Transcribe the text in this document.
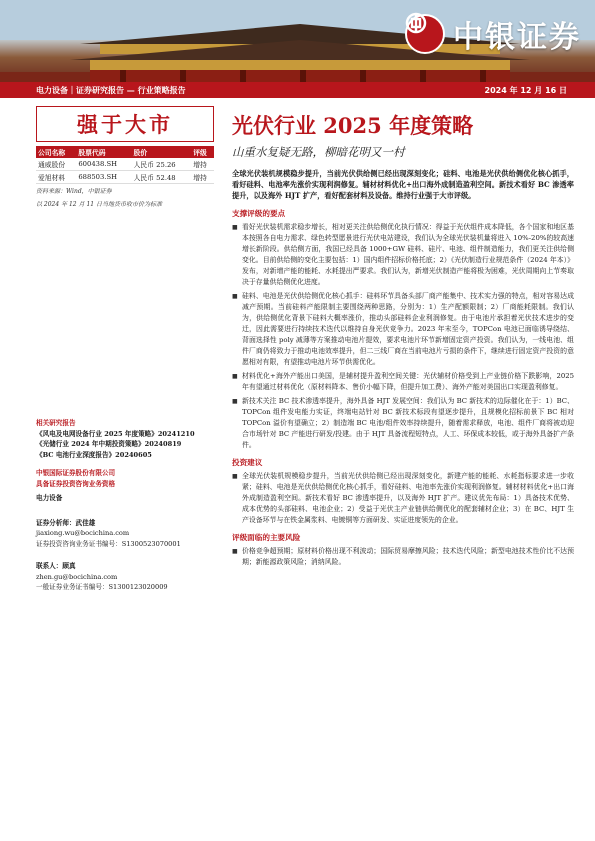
中银证券
电力设备｜证券研究报告 — 行业策略报告	2024 年 12 月 16 日
强于大市
公司名称	股票代码	股价	评级
通威股份	600438.SH	人民币 25.26	增持
爱旭材料	688503.SH	人民币 52.48	增持
资料来源：Wind，中银证券
以 2024 年 12 月 11 日当地货币收市价为标准
相关研究报告
《风电及电网设备行业 2025 年度策略》20241210
《光储行业 2024 年中期投资策略》20240819
《BC 电池行业深度报告》20240605
中银国际证券股份有限公司
具备证券投资咨询业务资格
电力设备
证券分析师：武佳雄
jiaxiong.wu@bocichina.com
证券投资咨询业务证书编号：S1300523070001
联系人：顾真
zhen.gu@bocichina.com
一般证券业务证书编号：S1300123020009
光伏行业 2025 年度策略
山重水复疑无路，柳暗花明又一村
全球光伏装机规模稳步提升，当前光伏供给侧已经出现深刻变化；硅料、电池是光伏供给侧优化核心抓手，看好硅料、电池率先涨价实现利润修复。辅材材料优化+出口海外成制造盈利空间。新技术看好 BC 渗透率提升，以及海外 HJT 扩产，看好配套材料及设备。维持行业强于大市评级。
支撑评级的要点
■ 看好光伏装机需求稳步增长，相对更关注供给侧优化执行情况：得益于光伏组件成本降低，各个国家和地区基本按照各自电力需求、绿色转型愿景进行光伏电站建设，我们认为全球光伏装机量将进入 10%-20%的较高速增长新阶段。供给侧方面，我国已经具备 1000+GW 硅料、硅片、电池、组件制造能力，我们更关注供给侧变化。目前供给侧的变化主要包括：1）国内组件招标价格托底；2）《光伏制造行业规范条件（2024 年本）》发布，对新增产能的能耗、水耗提出严要求。我们认为，新增光伏制造产能将极为困难，光伏周期向上节奏取决于存量供给侧优化进度。
■ 硅料、电池是光伏供给侧优化核心抓手：硅料环节具备头部厂商产能集中、技术实力强的特点，相对容易达成减产预期。当前硅料产能限制主要围绕两种思路，分别为：1）生产配额限制；2）厂商能耗限制。我们认为，供给侧优化背景下硅料大概率涨价，推动头部硅料企业利润修复。由于电池片承担着光伏技术进步的变迁，因此需要进行持续技术迭代以维持自身光伏竞争力。2023 年末至今，TOPCon 电池已面临诱导绕结、背面选择性 poly 减薄等方案推动电池片提效，要求电池片环节新增固定资产投资。我们认为，一线电池、组件厂商仍将致力于推动电池效率提升，但二三线厂商在当前电池片亏损的条件下，继续进行固定资产投资的意愿相对有限，有望推动电池片环节供需优化。
■ 材料优化+海外产能出口美国，是辅材提升盈利空间关键：光伏辅材价格受到上产业链价格下跌影响，2025 年有望通过材料优化（原材料降本、售价小幅下降，但提升加工费）、海外产能对美国出口实现盈利修复。
■ 新技术关注 BC 技术渗透率提升，海外具备 HJT 发展空间：我们认为 BC 新技术的边际催化在于：1）BC、TOPCon 组件发电能力实证，终端电站针对 BC 新技术标段有望逐步提升，且规模化招标前景下 BC 相对 TOPCon 溢价有望确立；2）制造端 BC 电池/组件效率持续提升，随着需求释放，电池、组件厂商将被动迎合市场针对 BC 产能进行研发/投建。由于 HJT 具备流程短特点，人工、环保成本较低，或于海外具备扩产条件。
投资建议
■ 全球光伏装机规模稳步提升，当前光伏供给侧已经出现深刻变化，新建产能的能耗、水耗指标要求进一步收紧；硅料、电池是光伏供给侧优化核心抓手，看好硅料、电池率先涨价实现利润修复。辅材材料优化+出口海外成制造盈利空间。新技术看好 BC 渗透率提升，以及海外 HJT 扩产。建议优先布局：1）具备技术优势、成本优势的头部硅料、电池企业；2）受益于光伏主产业链供给侧优化的配套辅材企业；3）在 BC、HJT 生产设备环节与在铁金属浆料、电镀铜等方面研发、实证进度领先的企业。
评级面临的主要风险
■ 价格竞争超预期；原材料价格出现不利波动；国际贸易摩擦风险；技术迭代风险；新型电池技术性价比不达预期；新能源政策风险；消纳风险。
